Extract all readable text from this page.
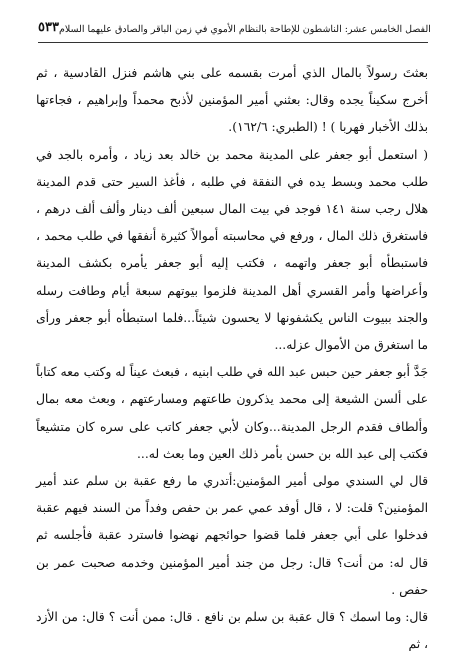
٥٣٣ الفصل الخامس عشر: الناشطون للإطاحة بالنظام الأموي في زمن الباقر والصادق عليهما السلام

بعثتَ رسولاً بالمال الذي أمرت بقسمه على بني هاشم فنزل القادسية ، ثم أخرج سكيناً يجده وقال: بعثني أمير المؤمنين لأذبح محمداً وإبراهيم ، فجاءتها بذلك الأخبار فهربا ) ! (الطبري: ١٦٢/٦).

( استعمل أبو جعفر على المدينة محمد بن خالد بعد زياد ، وأمره بالجد في طلب محمد وبسط يده في النفقة في طلبه ، فأغذ السير حتى قدم المدينة هلال رجب سنة ١٤١ فوجد في بيت المال سبعين ألف دينار وألف ألف درهم ، فاستغرق ذلك المال ، ورفع في محاسبته أموالاً كثيرة أنفقها في طلب محمد ، فاستبطأه أبو جعفر واتهمه ، فكتب إليه أبو جعفر يأمره بكشف المدينة وأعراضها وأمر القسري أهل المدينة فلزموا بيوتهم سبعة أيام وطافت رسله والجند ببيوت الناس يكشفونها لا يحسون شيئاً...فلما استبطأه أبو جعفر ورأى ما استغرق من الأموال عزله...

جَدَّ أبو جعفر حين حبس عبد الله في طلب ابنيه ، فبعث عيناً له وكتب معه كتاباً على ألسن الشيعة إلى محمد يذكرون طاعتهم ومسارعتهم ، وبعث معه بمال وألطاف فقدم الرجل المدينة...وكان لأبي جعفر كاتب على سره كان متشيعاً فكتب إلى عبد الله بن حسن بأمر ذلك العين وما بعث له...

قال لي السندي مولى أمير المؤمنين:أتدري ما رفع عقبة بن سلم عند أمير المؤمنين؟ قلت: لا ، قال أوفد عمي عمر بن حفص وفداً من السند فيهم عقبة فدخلوا على أبي جعفر فلما قضوا حوائجهم نهضوا فاسترد عقبة فأجلسه ثم قال له: من أنت؟ قال: رجل من جند أمير المؤمنين وخدمه صحبت عمر بن حفص .

قال: وما اسمك ؟ قال عقبة بن سلم بن نافع . قال: ممن أنت ؟ قال: من الأزد ، ثم
